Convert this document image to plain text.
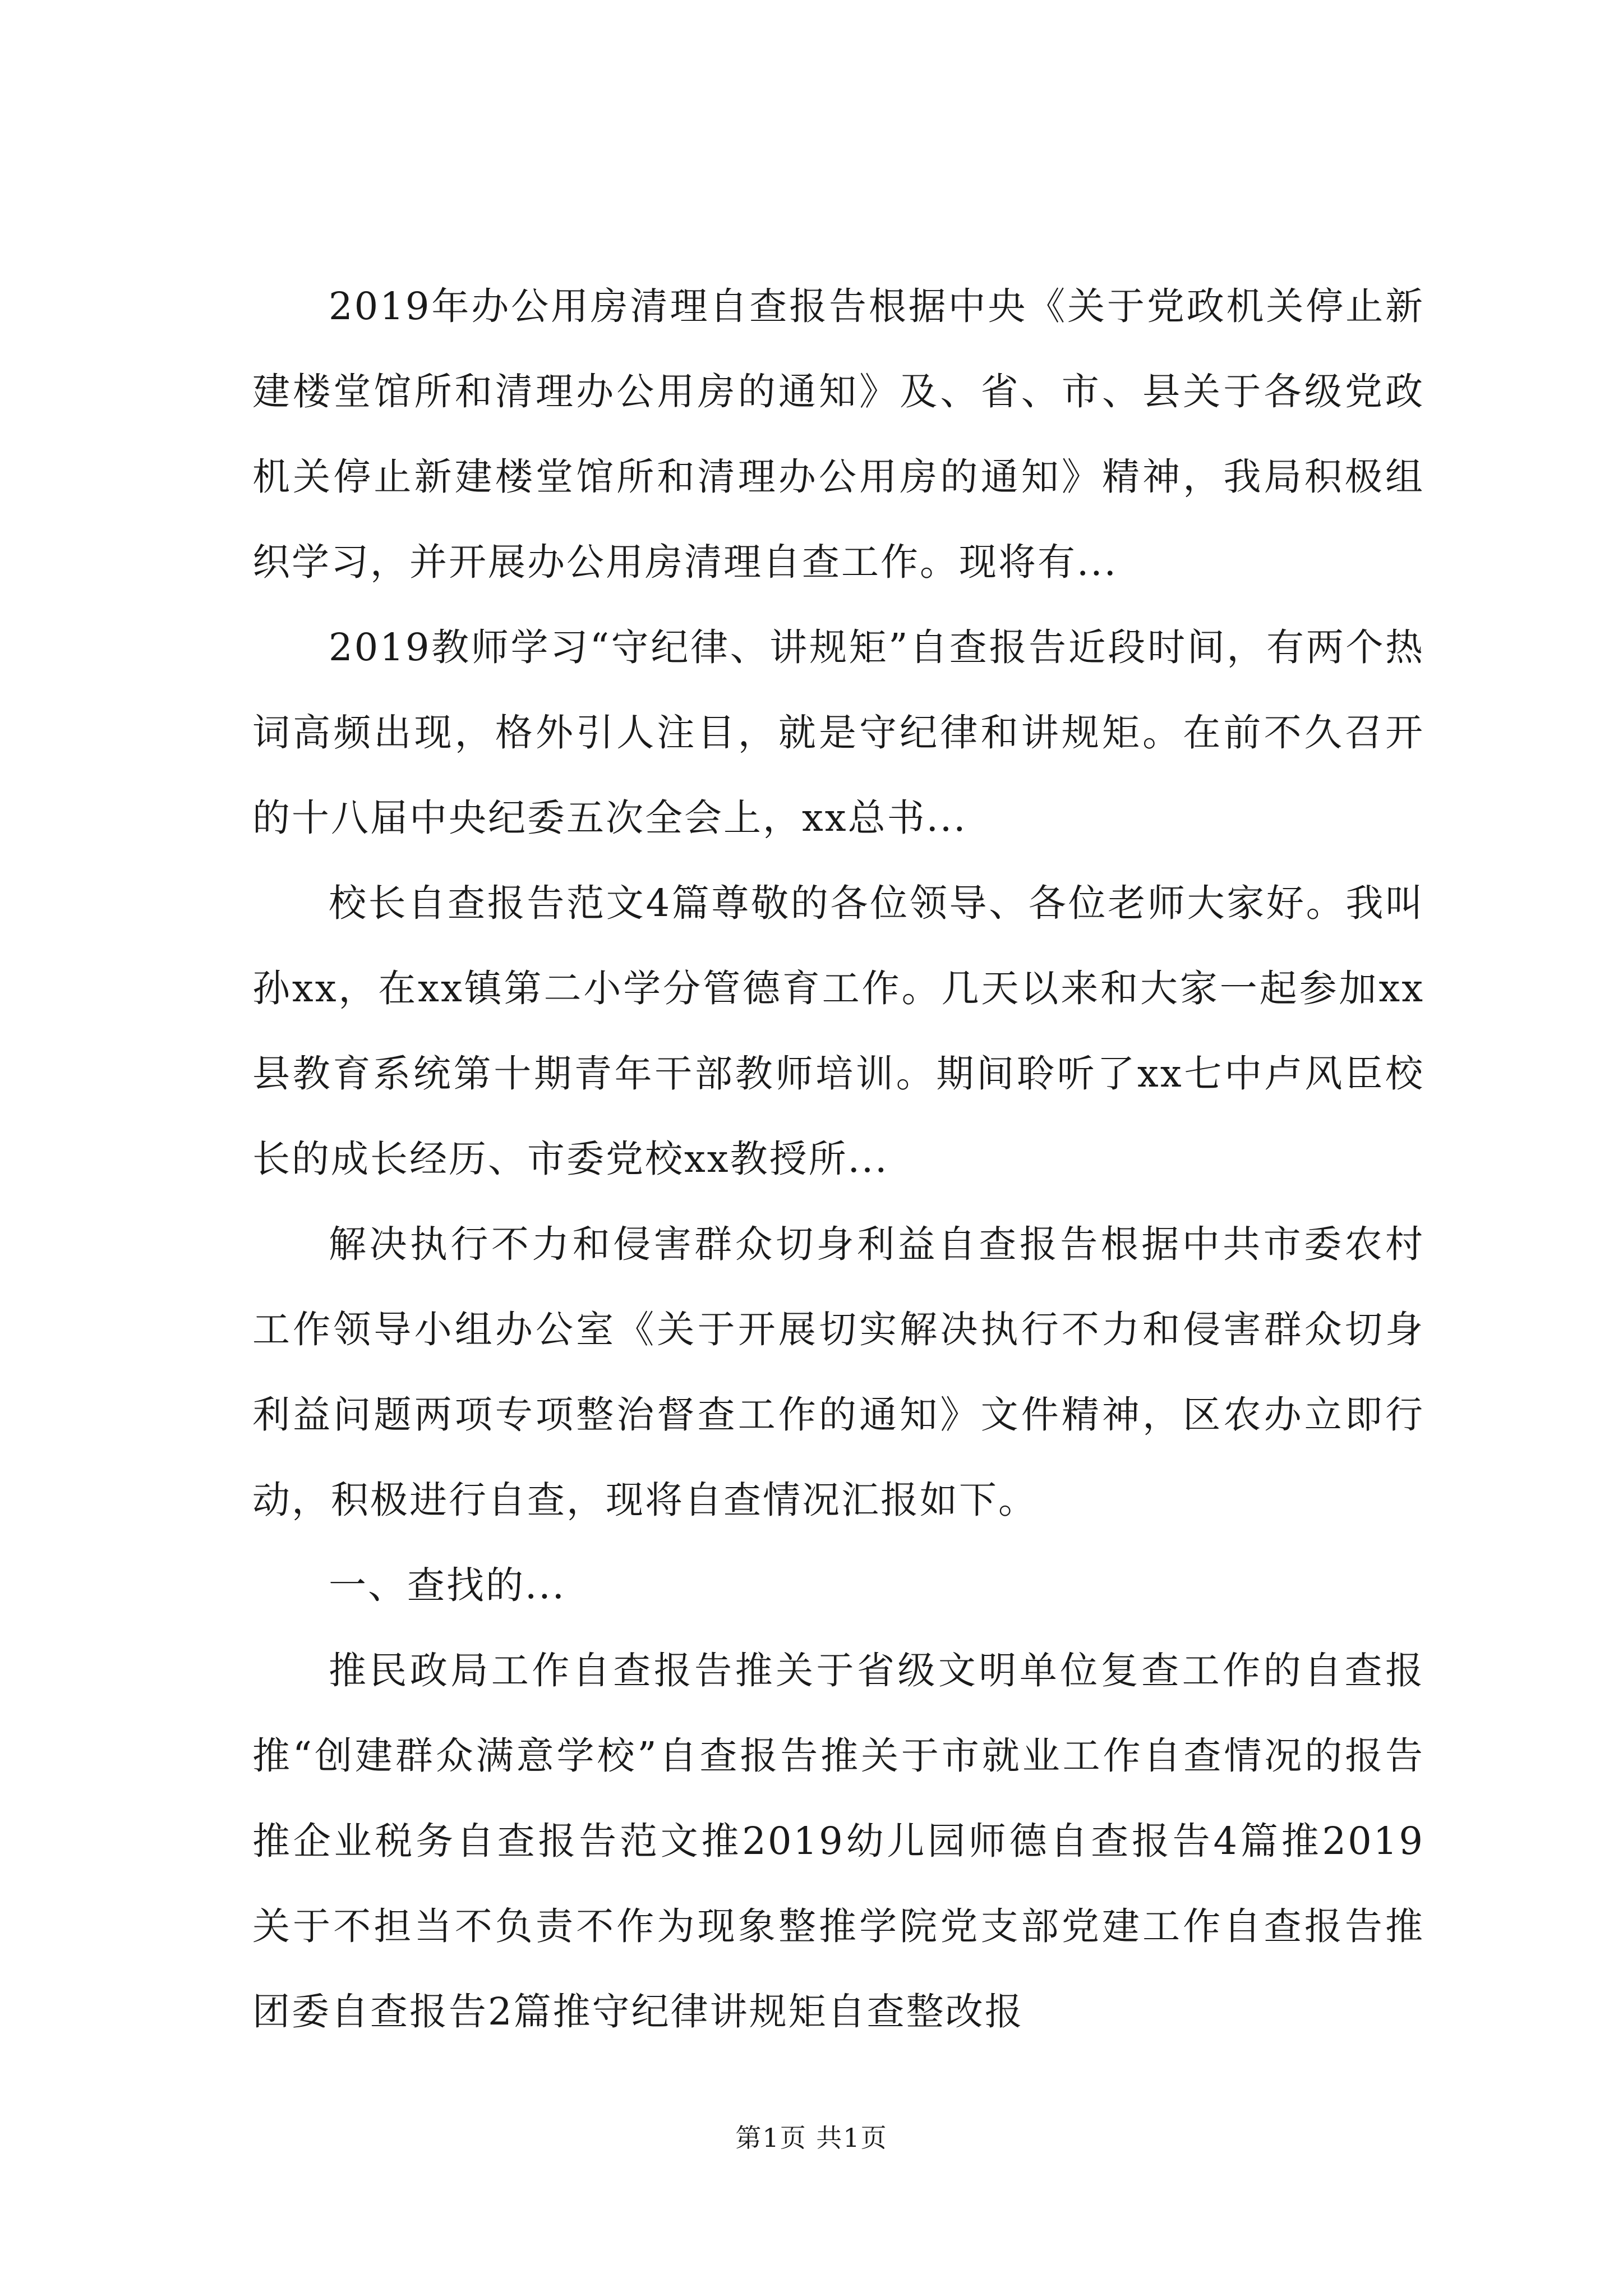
2019年办公用房清理自查报告根据中央《关于党政机关停止新建楼堂馆所和清理办公用房的通知》及、省、市、县关于各级党政机关停止新建楼堂馆所和清理办公用房的通知》精神，我局积极组织学习，并开展办公用房清理自查工作。现将有...

2019教师学习“守纪律、讲规矩”自查报告近段时间，有两个热词高频出现，格外引人注目，就是守纪律和讲规矩。在前不久召开的十八届中央纪委五次全会上，xx总书...

校长自查报告范文4篇尊敬的各位领导、各位老师大家好。我叫孙xx，在xx镇第二小学分管德育工作。几天以来和大家一起参加xx县教育系统第十期青年干部教师培训。期间聆听了xx七中卢风臣校长的成长经历、市委党校xx教授所...

解决执行不力和侵害群众切身利益自查报告根据中共市委农村工作领导小组办公室《关于开展切实解决执行不力和侵害群众切身利益问题两项专项整治督查工作的通知》文件精神，区农办立即行动，积极进行自查，现将自查情况汇报如下。

一、查找的...

推民政局工作自查报告推关于省级文明单位复查工作的自查报推“创建群众满意学校”自查报告推关于市就业工作自查情况的报告推企业税务自查报告范文推2019幼儿园师德自查报告4篇推2019关于不担当不负责不作为现象整推学院党支部党建工作自查报告推团委自查报告2篇推守纪律讲规矩自查整改报

第1页 共1页
